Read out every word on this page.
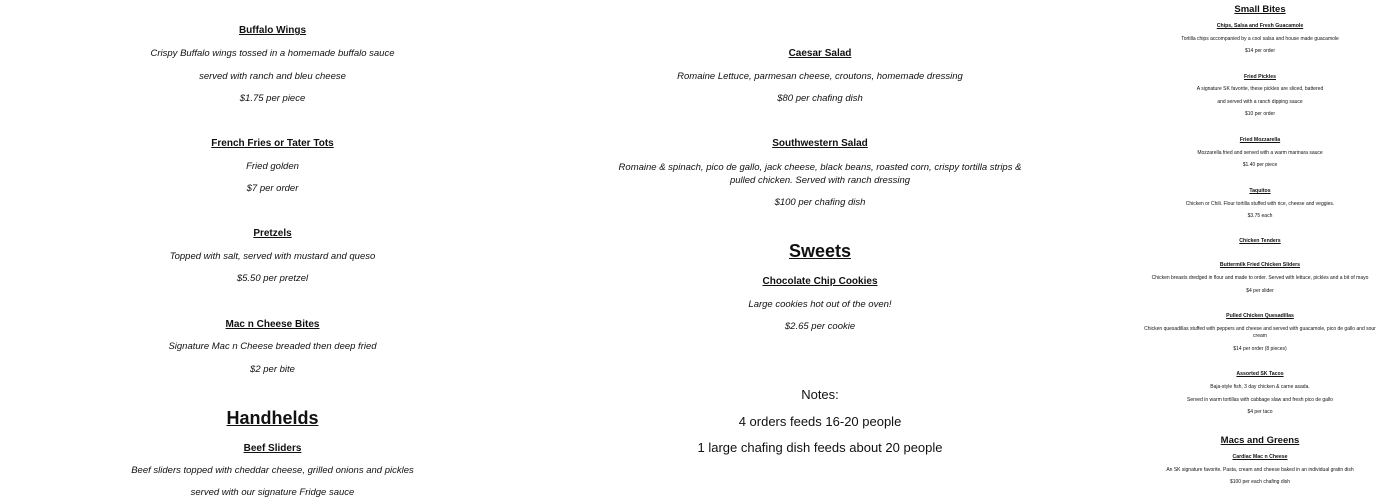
Buffalo Wings
Crispy Buffalo wings tossed in a homemade buffalo sauce
served with ranch and bleu cheese
$1.75 per piece
French Fries or Tater Tots
Fried golden
$7 per order
Pretzels
Topped with salt, served with mustard and queso
$5.50 per pretzel
Mac n Cheese Bites
Signature Mac n Cheese breaded then deep fried
$2 per bite
Handhelds
Beef Sliders
Beef sliders topped with cheddar cheese, grilled onions and pickles
served with our signature Fridge sauce
Caesar Salad
Romaine Lettuce, parmesan cheese, croutons, homemade dressing
$80 per chafing dish
Southwestern Salad
Romaine & spinach, pico de gallo, jack cheese, black beans, roasted corn, crispy tortilla strips & pulled chicken. Served with ranch dressing
$100 per chafing dish
Sweets
Chocolate Chip Cookies
Large cookies hot out of the oven!
$2.65 per cookie
Notes:
4 orders feeds 16-20 people
1 large chafing dish feeds about 20 people
Small Bites
Chips, Salsa and Fresh Guacamole
Tortilla chips accompanied by a cool salsa and house made guacamole
$14 per order
Fried Pickles
A signature SK favorite, these pickles are sliced, battered
and served with a ranch dipping sauce
$10 per order
Fried Mozzarella
Mozzarella fried and served with a warm marinara sauce
$1.40 per piece
Taquitos
Chicken or Chili. Flour tortilla stuffed with rice, cheese and veggies.
$3.75 each
Chicken Tenders
Buttermilk Fried Chicken Sliders
Chicken breasts dredged in flour and made to order. Served with lettuce, pickles and a bit of mayo
$4 per slider
Pulled Chicken Quesadillas
Chicken quesadillas stuffed with peppers and cheese and served with guacamole, pico de gallo and sour
cream
$14 per order (8 pieces)
Assorted SK Tacos
Baja-style fish, 3 day chicken & carne asada.
Served in warm tortillas with cabbage slaw and fresh pico de gallo
$4 per taco
Macs and Greens
Cardiac Mac n Cheese
An SK signature favorite. Pasta, cream and cheese baked in an individual gratin dish
$100 per each chafing dish
